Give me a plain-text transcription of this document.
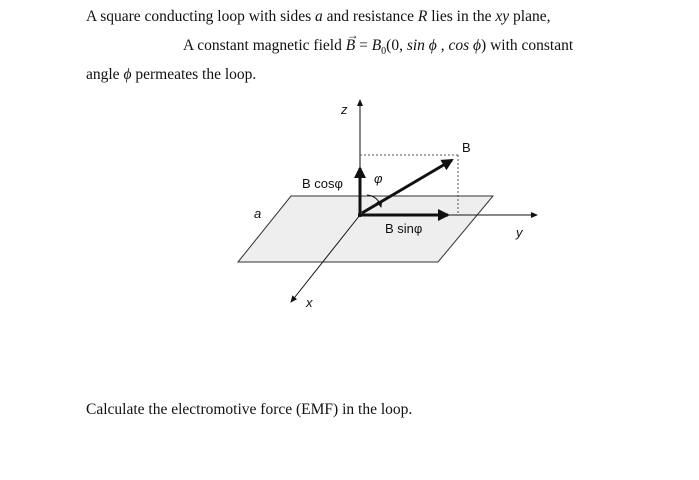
A square conducting loop with sides a and resistance R lies in the xy plane,
A constant magnetic field
→
$B = B_0(0$, sin ϕ , cos ϕ) with constant
angle ϕ permeates the loop.
z
B
B cosφ φ
a
B sinφ	y
x
Calculate the electromotive force (EMF) in the loop.
